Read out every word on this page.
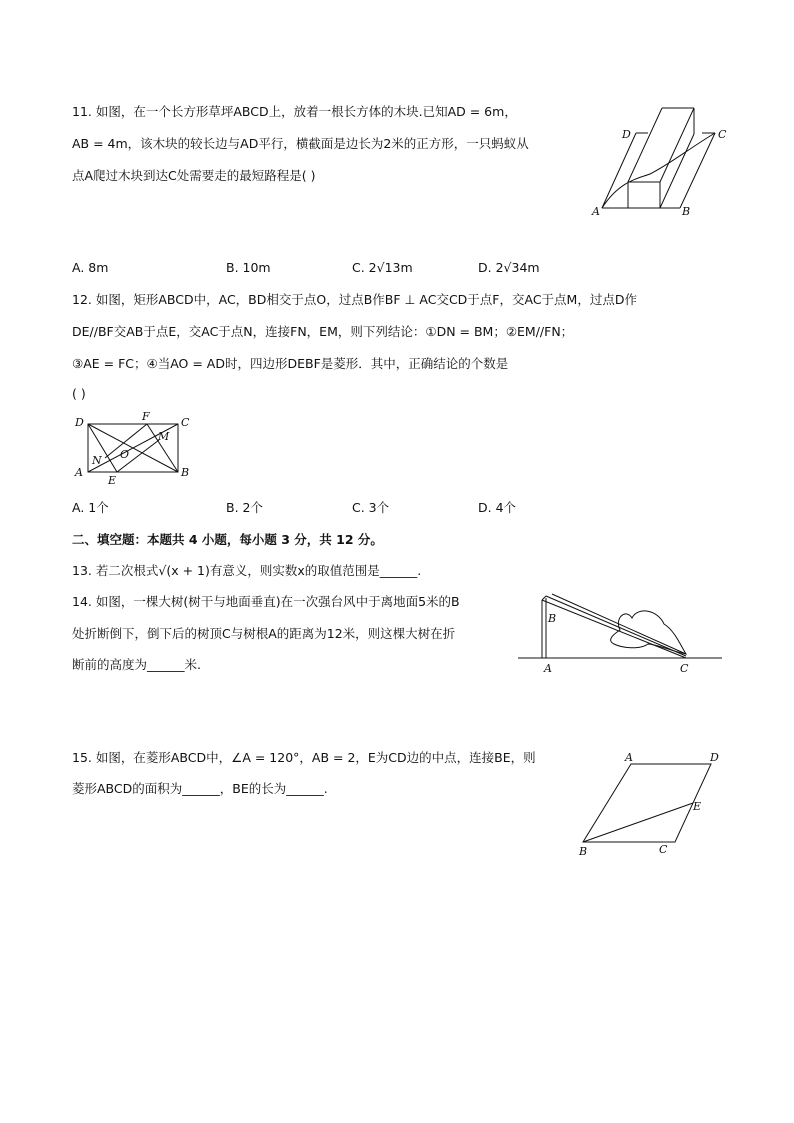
11. 如图，在一个长方形草坪ABCD上，放着一根长方体的木块.已知AD = 6m，
AB = 4m，该木块的较长边与AD平行，横截面是边长为2米的正方形，一只蚂蚁从
点A爬过木块到达C处需要走的最短路程是( )
D	C
A	B
A. 8m	B. 10m	C. 2√13m	D. 2√34m
12. 如图，矩形ABCD中，AC，BD相交于点O，过点B作BF ⊥ AC交CD于点F，交AC于点M，过点D作
DE//BF交AB于点E，交AC于点N，连接FN，EM，则下列结论：①DN = BM；②EM//FN；
③AE = FC；④当AO = AD时，四边形DEBF是菱形．其中，正确结论的个数是
( )
D	F	C
M
O
N
A
E
B
A. 1个	B. 2个	C. 3个	D. 4个
二、填空题：本题共 4 小题，每小题 3 分，共 12 分。
13. 若二次根式√(x + 1)有意义，则实数x的取值范围是______.
14. 如图，一棵大树(树干与地面垂直)在一次强台风中于离地面5米的B
处折断倒下，倒下后的树顶C与树根A的距离为12米，则这棵大树在折
断前的高度为______米.
B
A	C
15. 如图，在菱形ABCD中，∠A = 120°，AB = 2，E为CD边的中点，连接BE，则
菱形ABCD的面积为______，BE的长为______.
A	D
E
B	C
